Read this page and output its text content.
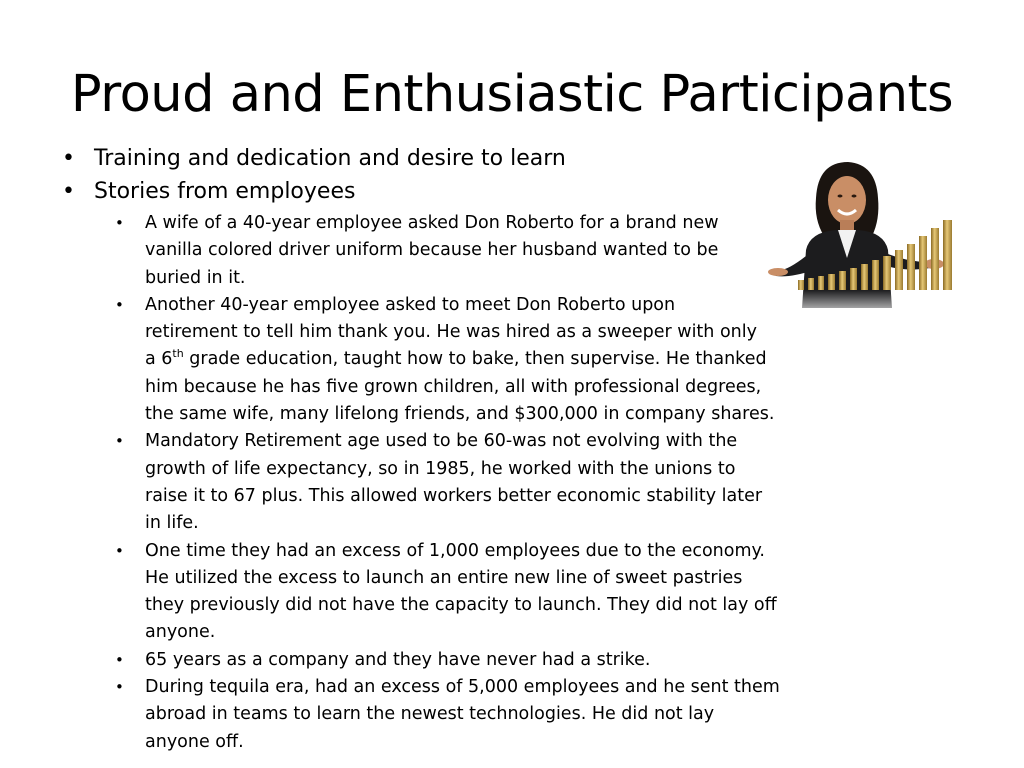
Proud and Enthusiastic Participants
• Training and dedication and desire to learn
• Stories from employees
• A wife of a 40-year employee asked Don Roberto for a brand new
vanilla colored driver uniform because her husband wanted to be
buried in it.
• Another 40-year employee asked to meet Don Roberto upon
retirement to tell him thank you. He was hired as a sweeper with only
a 6th grade education, taught how to bake, then supervise. He thanked
him because he has five grown children, all with professional degrees,
the same wife, many lifelong friends, and $300,000 in company shares.
• Mandatory Retirement age used to be 60-was not evolving with the
growth of life expectancy, so in 1985, he worked with the unions to
raise it to 67 plus. This allowed workers better economic stability later
in life.
• One time they had an excess of 1,000 employees due to the economy.
He utilized the excess to launch an entire new line of sweet pastries
they previously did not have the capacity to launch. They did not lay off
anyone.
• 65 years as a company and they have never had a strike.
• During tequila era, had an excess of 5,000 employees and he sent them
abroad in teams to learn the newest technologies. He did not lay
anyone off.
